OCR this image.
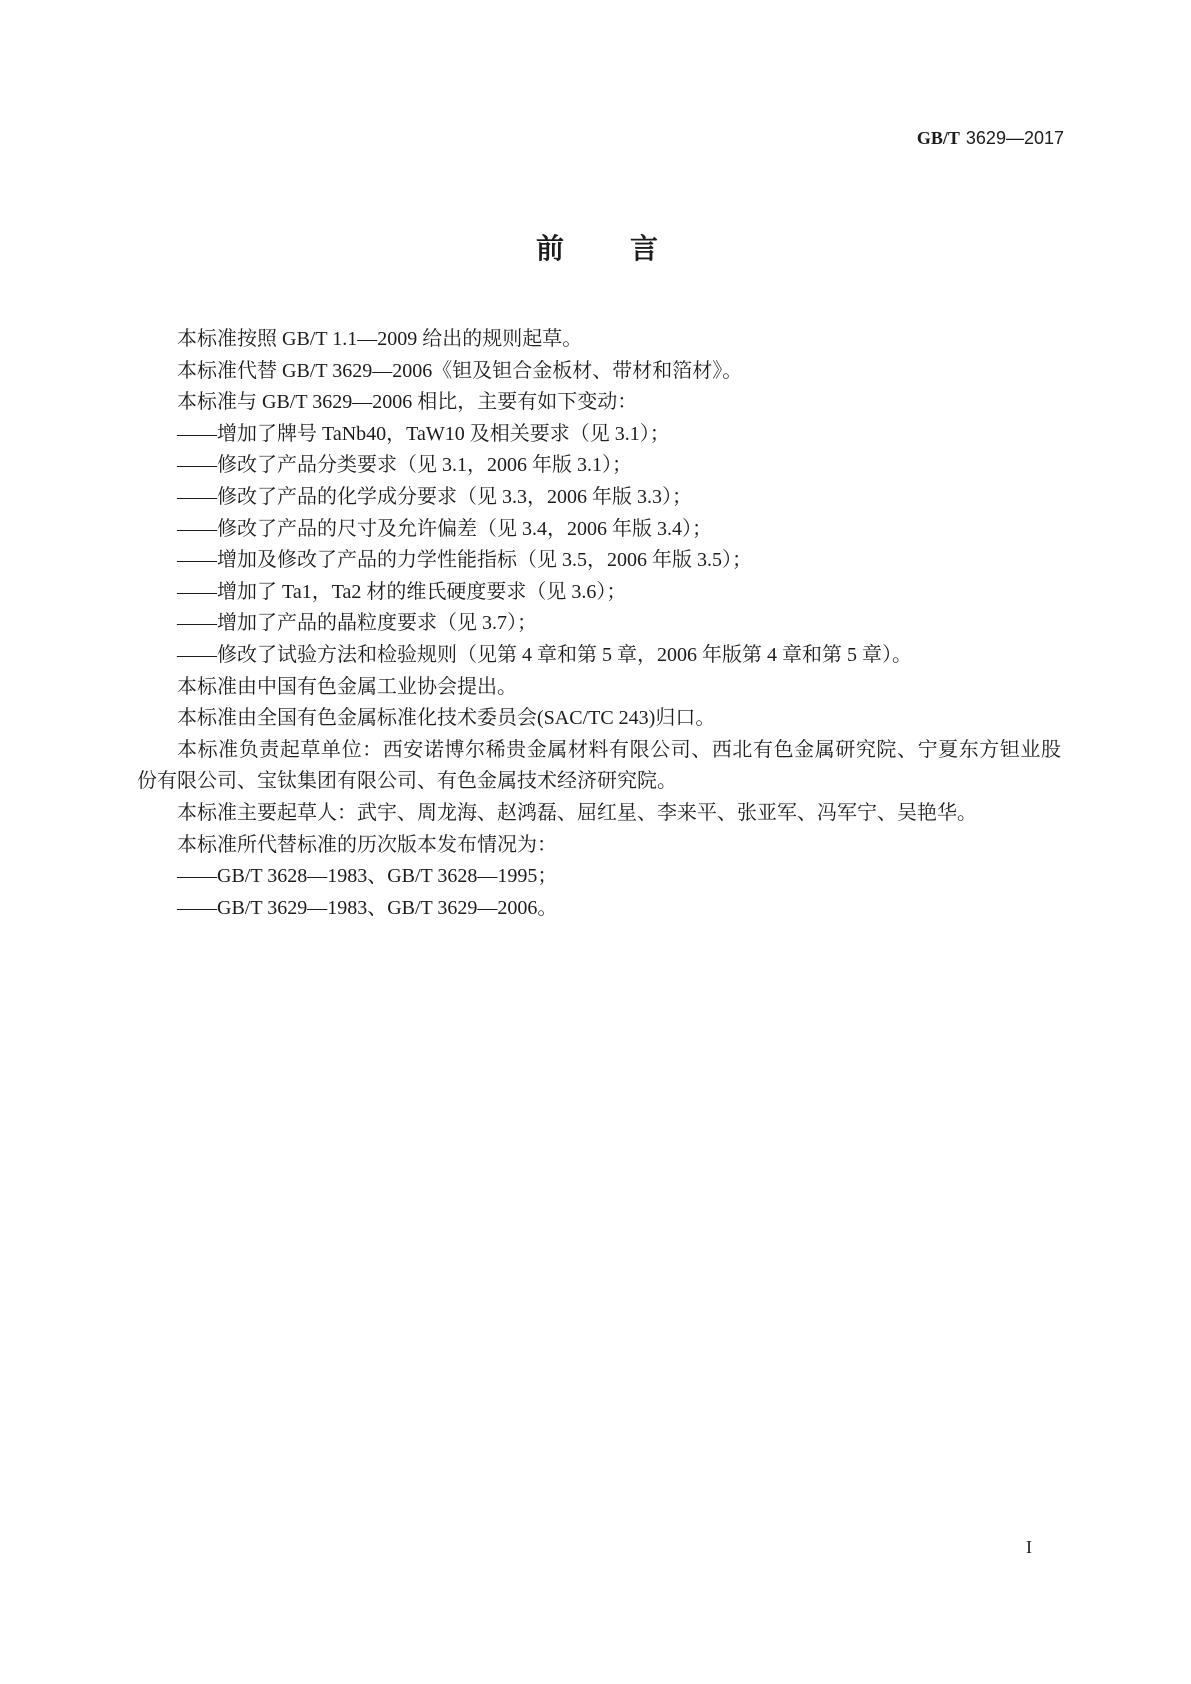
GB/T 3629—2017
前言
本标准按照 GB/T 1.1—2009 给出的规则起草。
本标准代替 GB/T 3629—2006《钽及钽合金板材、带材和箔材》。
本标准与 GB/T 3629—2006 相比，主要有如下变动：
——增加了牌号 TaNb40，TaW10 及相关要求（见 3.1）；
——修改了产品分类要求（见 3.1，2006 年版 3.1）；
——修改了产品的化学成分要求（见 3.3，2006 年版 3.3）；
——修改了产品的尺寸及允许偏差（见 3.4，2006 年版 3.4）；
——增加及修改了产品的力学性能指标（见 3.5，2006 年版 3.5）；
——增加了 Ta1，Ta2 材的维氏硬度要求（见 3.6）；
——增加了产品的晶粒度要求（见 3.7）；
——修改了试验方法和检验规则（见第 4 章和第 5 章，2006 年版第 4 章和第 5 章）。
本标准由中国有色金属工业协会提出。
本标准由全国有色金属标准化技术委员会(SAC/TC 243)归口。
本标准负责起草单位：西安诺博尔稀贵金属材料有限公司、西北有色金属研究院、宁夏东方钽业股
份有限公司、宝钛集团有限公司、有色金属技术经济研究院。
本标准主要起草人：武宇、周龙海、赵鸿磊、屈红星、李来平、张亚军、冯军宁、吴艳华。
本标准所代替标准的历次版本发布情况为：
——GB/T 3628—1983、GB/T 3628—1995；
——GB/T 3629—1983、GB/T 3629—2006。
I
